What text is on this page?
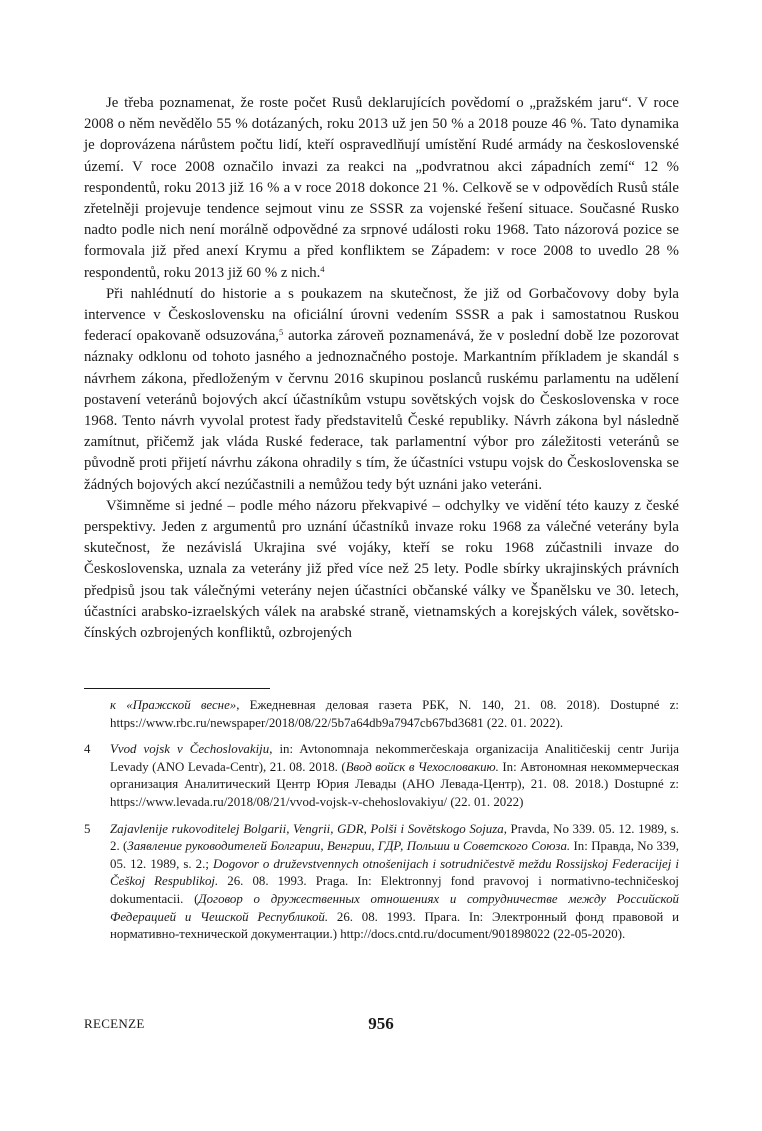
Je třeba poznamenat, že roste počet Rusů deklarujících povědomí o „pražském jaru“. V roce 2008 o něm nevědělo 55 % dotázaných, roku 2013 už jen 50 % a 2018 pouze 46 %. Tato dynamika je doprovázena nárůstem počtu lidí, kteří ospravedlňují umístění Rudé armády na československé území. V roce 2008 označilo invazi za reakci na „podvratnou akci západních zemí“ 12 % respondentů, roku 2013 již 16 % a v roce 2018 dokonce 21 %. Celkově se v odpovědích Rusů stále zřetelněji projevuje tendence sejmout vinu ze SSSR za vojenské řešení situace. Současné Rusko nadto podle nich není morálně odpovědné za srpnové události roku 1968. Tato názorová pozice se formovala již před anexí Krymu a před konfliktem se Západem: v roce 2008 to uvedlo 28 % respondentů, roku 2013 již 60 % z nich.$^4$

Při nahlédnutí do historie a s poukazem na skutečnost, že již od Gorbačovovy doby byla intervence v Československu na oficiální úrovni vedením SSSR a pak i samostatnou Ruskou federací opakovaně odsuzována,$^5$ autorka zároveň poznamenává, že v poslední době lze pozorovat náznaky odklonu od tohoto jasného a jednoznačného postoje. Markantním příkladem je skandál s návrhem zákona, předloženým v červnu 2016 skupinou poslanců ruskému parlamentu na udělení postavení veteránů bojových akcí účastníkům vstupu sovětských vojsk do Československa v roce 1968. Tento návrh vyvolal protest řady představitelů České republiky. Návrh zákona byl následně zamítnut, přičemž jak vláda Ruské federace, tak parlamentní výbor pro záležitosti veteránů se původně proti přijetí návrhu zákona ohradily s tím, že účastníci vstupu vojsk do Československa se žádných bojových akcí nezúčastnili a nemůžou tedy být uznáni jako veteráni.

Všimněme si jedné – podle mého názoru překvapivé – odchylky ve vidění této kauzy z české perspektivy. Jeden z argumentů pro uznání účastníků invaze roku 1968 za válečné veterány byla skutečnost, že nezávislá Ukrajina své vojáky, kteří se roku 1968 zúčastnili invaze do Československa, uznala za veterány již před více než 25 lety. Podle sbírky ukrajinských právních předpisů jsou tak válečnými veterány nejen účastníci občanské války ve Španělsku ve 30. letech, účastníci arabsko-izraelských válek na arabské straně, vietnamských a korejských válek, sovětsko-čínských ozbrojených konfliktů, ozbrojených

к «Пражской весне», Ежедневная деловая газета РБК, N. 140, 21. 08. 2018). Dostupné z: https://www.rbc.ru/newspaper/2018/08/22/5b7a64db9a7947cb67bd3681 (22. 01. 2022).

4 Vvod vojsk v Čechoslovakiju, in: Avtonomnaja nekommerčeskaja organizacija Analitičeskij centr Jurija Levady (ANO Levada-Centr), 21. 08. 2018. (Ввод войск в Чехословакию. In: Автономная некоммерческая организация Аналитический Центр Юрия Левады (АНО Левада-Центр), 21. 08. 2018.) Dostupné z: https://www.levada.ru/2018/08/21/vvod-vojsk-v-chehoslovakiyu/ (22. 01. 2022)

5 Zajavlenije rukovoditelej Bolgarii, Vengrii, GDR, Polši i Sovětskogo Sojuza, Pravda, No 339. 05. 12. 1989, s. 2. (Заявление руководителей Болгарии, Венгрии, ГДР, Польши и Советского Союза. In: Правда, No 339, 05. 12. 1989, s. 2.; Dogovor o druževstvennych otnošenijach i sotrudničestvě meždu Rossijskoj Federacijej i Češkoj Respublikoj. 26. 08. 1993. Praga. In: Elektronnyj fond pravovoj i normativno-techničeskoj dokumentacii. (Договор о дружественных отношениях и сотрудничестве между Российской Федерацией и Чешской Республикой. 26. 08. 1993. Прага. In: Электронный фонд правовой и нормативно-технической документации.) http://docs.cntd.ru/document/901898022 (22-05-2020).

RECENZE	956
